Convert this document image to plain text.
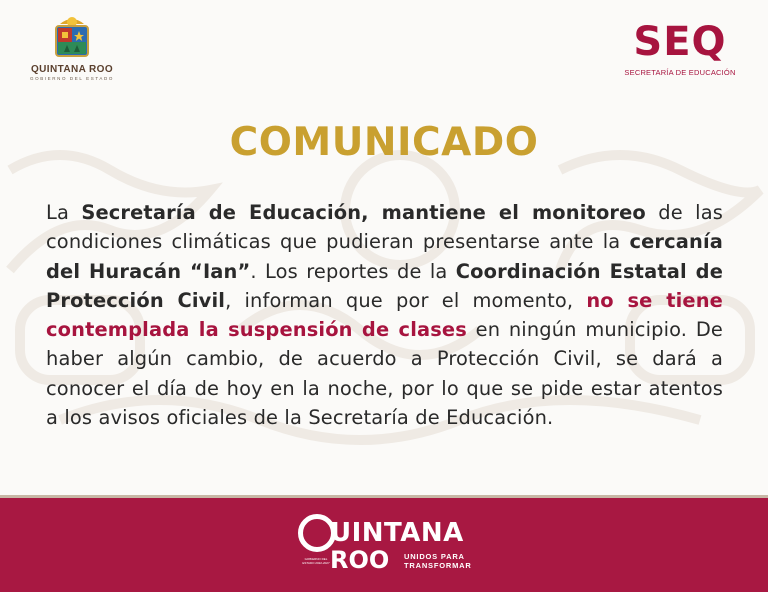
QUINTANA ROO
GOBIERNO DEL ESTADO
SEQ
SECRETARÍA DE EDUCACIÓN
COMUNICADO
La Secretaría de Educación, mantiene el monitoreo de las condiciones climáticas que pudieran presentarse ante la cercanía del Huracán “Ian”. Los reportes de la Coordinación Estatal de Protección Civil, informan que por el momento, no se tiene contemplada la suspensión de clases en ningún municipio. De haber algún cambio, de acuerdo a Protección Civil, se dará a conocer el día de hoy en la noche, por lo que se pide estar atentos a los avisos oficiales de la Secretaría de Educación.
UINTANA
ROO UNIDOS PARA
TRANSFORMAR
GOBIERNO DEL ESTADO 2022-2027
